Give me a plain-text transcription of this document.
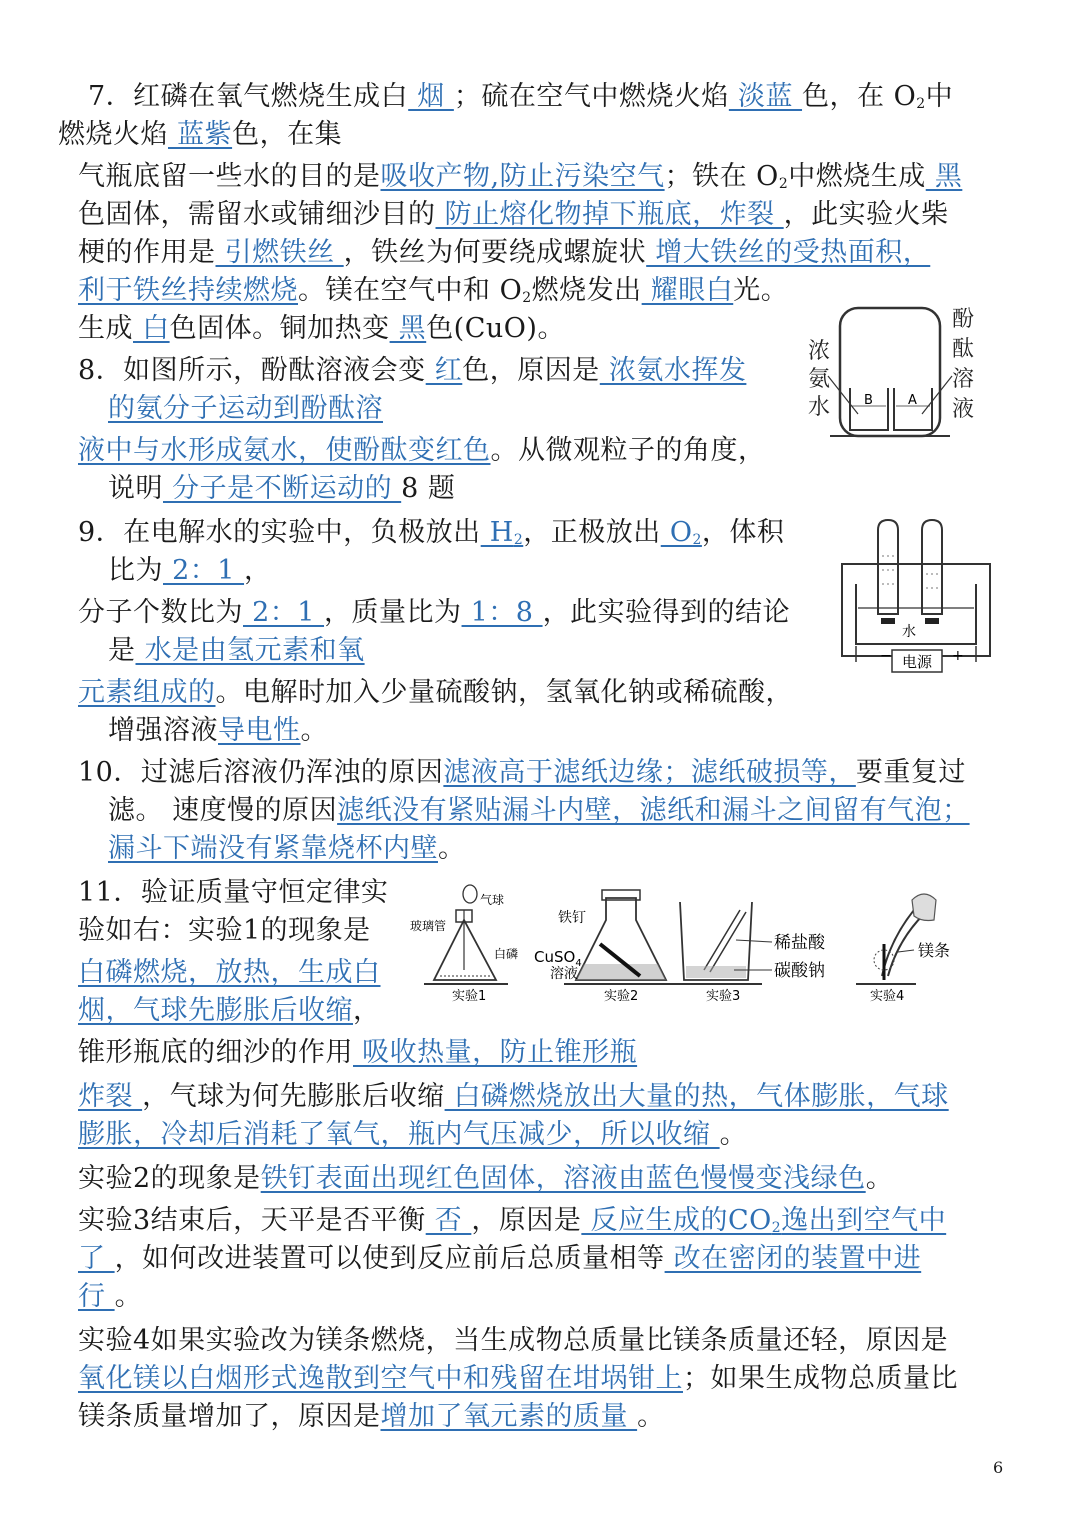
7．红磷在氧气燃烧生成白 烟 ；硫在空气中燃烧火焰 淡蓝 色，在 $O_2$中
燃烧火焰 蓝紫色，在集
气瓶底留一些水的目的是吸收产物,防止污染空气；铁在 $O_2$中燃烧生成 黑
色固体，需留水或铺细沙目的 防止熔化物掉下瓶底，炸裂 ，此实验火柴
梗的作用是 引燃铁丝 ，铁丝为何要绕成螺旋状 增大铁丝的受热面积，
利于铁丝持续燃烧。镁在空气中和 $O_2$燃烧发出 耀眼白光。
生成 白色固体。铜加热变 黑色(CuO)。
B	A
浓氨水
酚酞溶液
8．如图所示，酚酞溶液会变 红色，原因是 浓氨水挥发
的氨分子运动到酚酞溶
液中与水形成氨水，使酚酞变红色。从微观粒子的角度，
说明 分子是不断运动的 8 题
水
电源
−	+
9．在电解水的实验中，负极放出 $H_2$，正极放出 $O_2$，体积
比为 2：1 ，
分子个数比为 2：1 ，质量比为 1：8 ，此实验得到的结论
是 水是由氢元素和氧
元素组成的。电解时加入少量硫酸钠，氢氧化钠或稀硫酸，
增强溶液导电性。
10．过滤后溶液仍浑浊的原因滤液高于滤纸边缘；滤纸破损等，要重复过
滤。 速度慢的原因滤纸没有紧贴漏斗内壁，滤纸和漏斗之间留有气泡；
漏斗下端没有紧靠烧杯内壁。
气球
玻璃管
白磷
实验1
铁钉
CuSO$_4$
溶液
实验2
稀盐酸
碳酸钠
实验3
镁条
实验4
11．验证质量守恒定律实
验如右：实验1的现象是
白磷燃烧，放热，生成白
烟，气球先膨胀后收缩，
锥形瓶底的细沙的作用 吸收热量，防止锥形瓶
炸裂 ，气球为何先膨胀后收缩 白磷燃烧放出大量的热，气体膨胀，气球
膨胀，冷却后消耗了氧气，瓶内气压减少，所以收缩 。
实验2的现象是铁钉表面出现红色固体，溶液由蓝色慢慢变浅绿色。
实验3结束后，天平是否平衡 否 ，原因是 反应生成的$CO_2$逸出到空气中
了 ，如何改进装置可以使到反应前后总质量相等 改在密闭的装置中进
行 。
实验4如果实验改为镁条燃烧，当生成物总质量比镁条质量还轻，原因是
氧化镁以白烟形式逸散到空气中和残留在坩埚钳上；如果生成物总质量比
镁条质量增加了，原因是增加了氧元素的质量 。
6
